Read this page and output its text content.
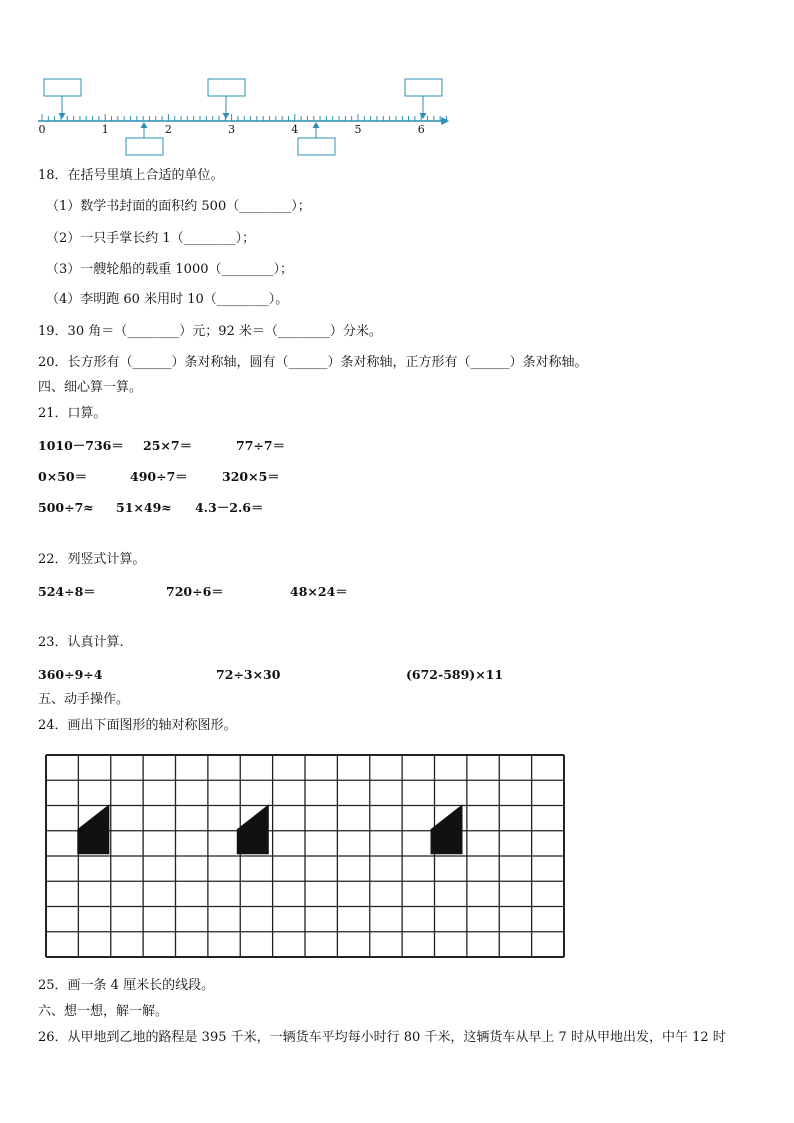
0	1	2	3	4	5	6
18．在括号里填上合适的单位。
（1）数学书封面的面积约 500（________）；
（2）一只手掌长约 1（________）；
（3）一艘轮船的载重 1000（________）；
（4）李明跑 60 米用时 10（________）。
19．30 角＝（________）元；92 米＝（________）分米。
20．长方形有（______）条对称轴，圆有（______）条对称轴，正方形有（______）条对称轴。
四、细心算一算。
21．口算。
1010－736＝ 25×7＝	77÷7＝
0×50＝	490÷7＝	320×5＝
500÷7≈ 51×49≈ 4.3－2.6＝
22．列竖式计算。
524÷8＝	720÷6＝	48×24＝
23．认真计算.
360÷9÷4	72÷3×30	(672-589)×11
五、动手操作。
24．画出下面图形的轴对称图形。
25．画一条 4 厘米长的线段。
六、想一想，解一解。
26．从甲地到乙地的路程是 395 千米，一辆货车平均每小时行 80 千米，这辆货车从早上 7 时从甲地出发，中午 12 时
